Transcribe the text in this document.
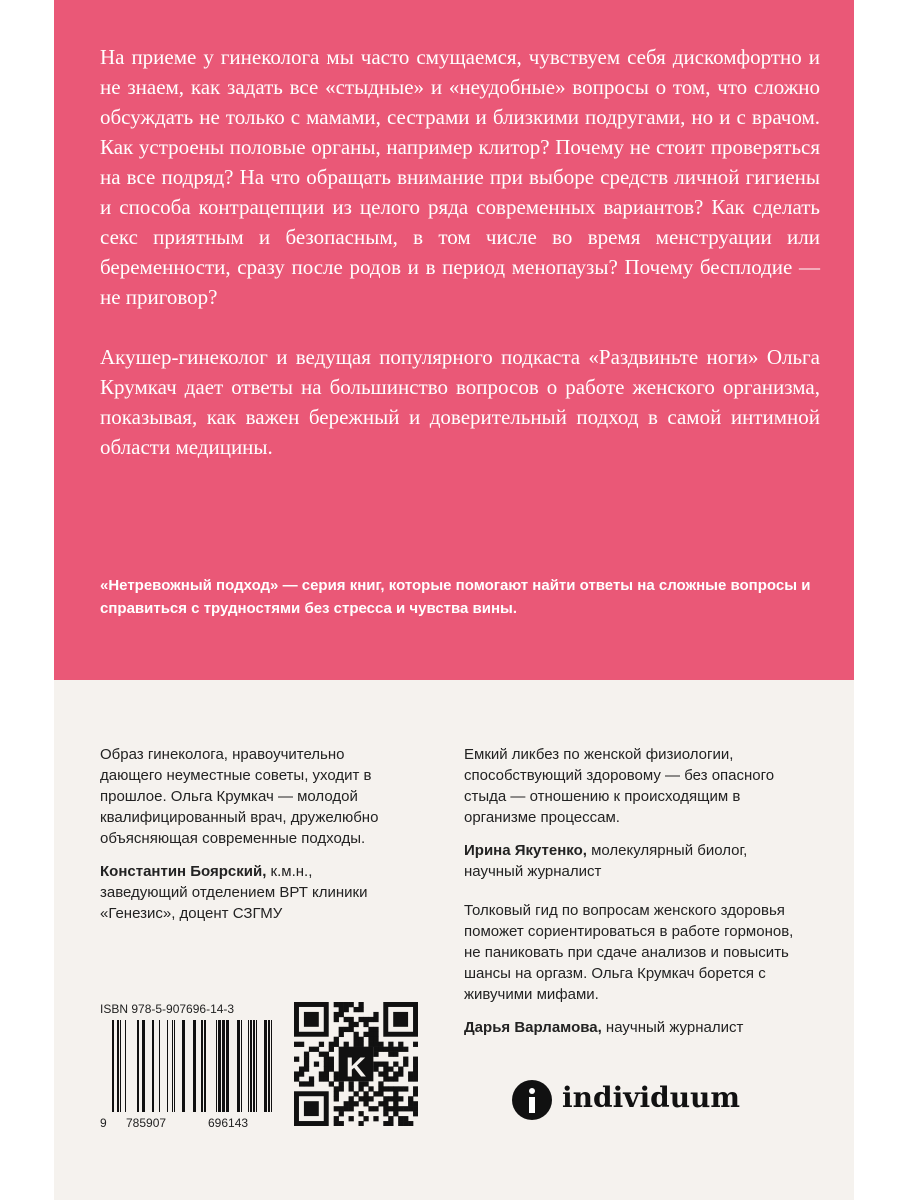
На приеме у гинеколога мы часто смущаемся, чувствуем себя дискомфортно и не знаем, как задать все «стыдные» и «неудобные» вопросы о том, что сложно обсуждать не только с мамами, сестрами и близкими подругами, но и с врачом. Как устроены половые органы, например клитор? Почему не стоит проверяться на все подряд? На что обращать внимание при выборе средств личной гигиены и способа контрацепции из целого ряда современных вариантов? Как сделать секс приятным и безопасным, в том числе во время менструации или беременности, сразу после родов и в период менопаузы? Почему бесплодие — не приговор?

Акушер-гинеколог и ведущая популярного подкаста «Раздвиньте ноги» Ольга Крумкач дает ответы на большинство вопросов о работе женского организма, показывая, как важен бережный и доверительный подход в самой интимной области медицины.

«Нетревожный подход» — серия книг, которые помогают найти ответы на сложные вопросы и справиться с трудностями без стресса и чувства вины.

Образ гинеколога, нравоучительно дающего неуместные советы, уходит в прошлое. Ольга Крумкач — молодой квалифицированный врач, дружелюбно объясняющая современные подходы.

Константин Боярский, к.м.н., заведующий отделением ВРТ клиники «Генезис», доцент СЗГМУ

Емкий ликбез по женской физиологии, способствующий здоровому — без опасного стыда — отношению к происходящим в организме процессам.

Ирина Якутенко, молекулярный биолог, научный журналист

Толковый гид по вопросам женского здоровья поможет сориентироваться в работе гормонов, не паниковать при сдаче анализов и повысить шансы на оргазм. Ольга Крумкач борется с живучими мифами.

Дарья Варламова, научный журналист

ISBN 978-5-907696-14-3
9 785907	696143
K
individuum
